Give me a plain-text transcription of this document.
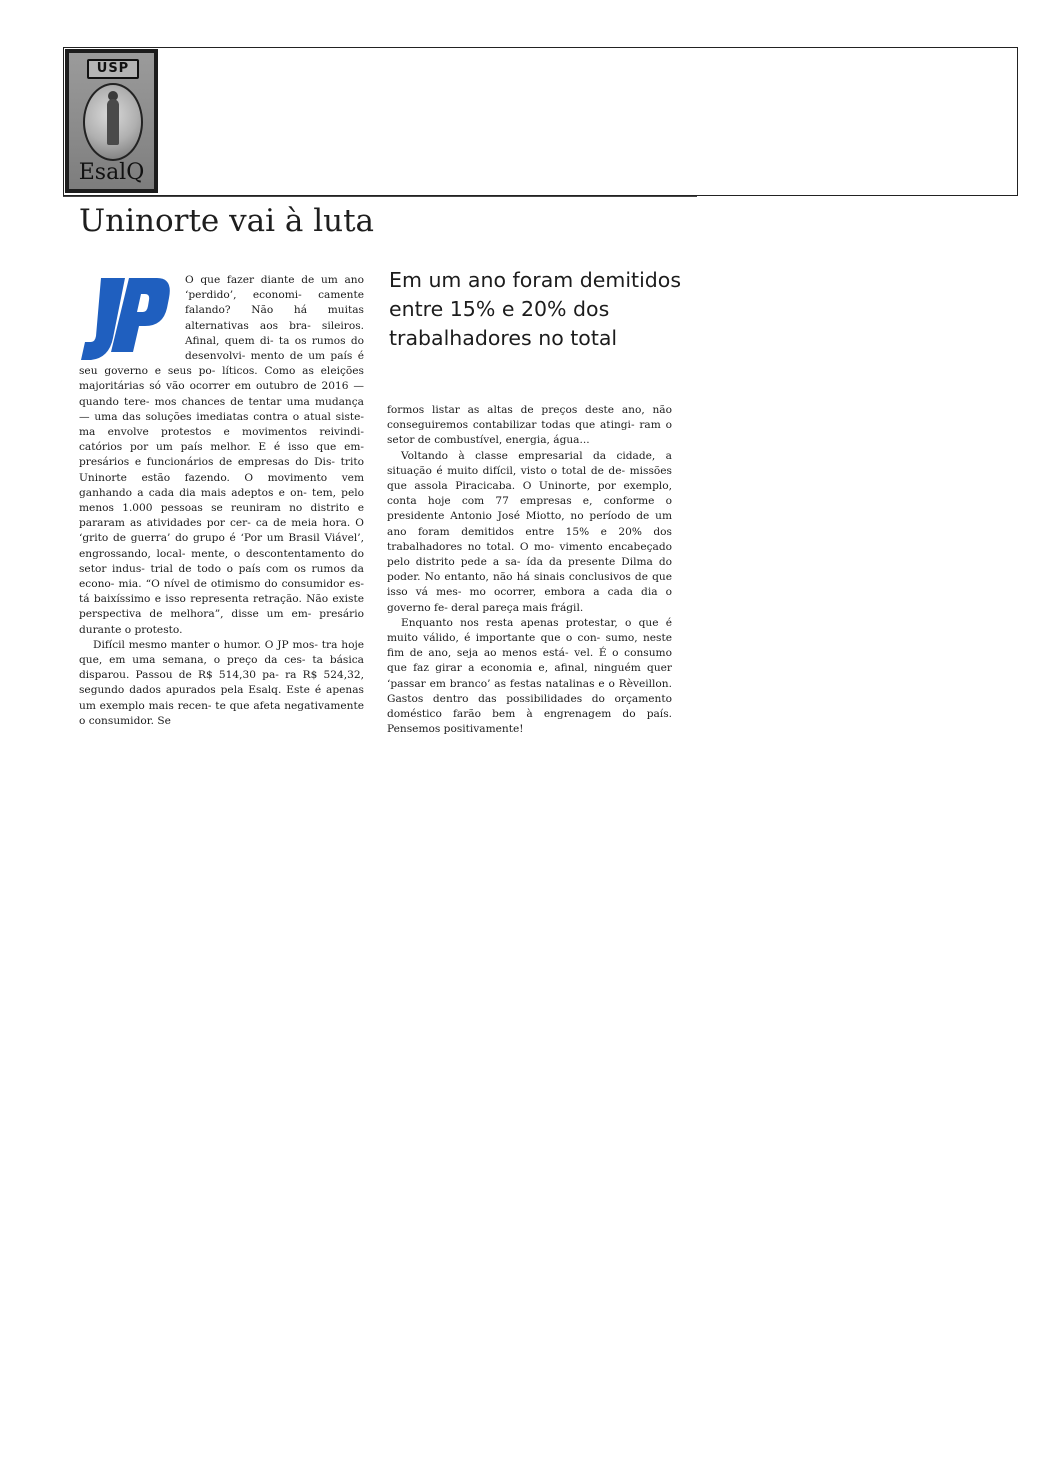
USP
EsalQ
Uninorte vai à luta
Em um ano foram demitidos entre 15% e 20% dos trabalhadores no total

O que fazer diante de um ano ‘perdido’, economi- camente falando? Não há muitas alternativas aos bra- sileiros. Afinal, quem di- ta os rumos do desenvolvi- mento de um país é seu governo e seus po- líticos. Como as eleições majoritárias só vão ocorrer em outubro de 2016 — quando tere- mos chances de tentar uma mudança — uma das soluções imediatas contra o atual siste- ma envolve protestos e movimentos reivindi- catórios por um país melhor. E é isso que em- presários e funcionários de empresas do Dis- trito Uninorte estão fazendo. O movimento vem ganhando a cada dia mais adeptos e on- tem, pelo menos 1.000 pessoas se reuniram no distrito e pararam as atividades por cer- ca de meia hora. O ‘grito de guerra’ do grupo é ‘Por um Brasil Viável’, engrossando, local- mente, o descontentamento do setor indus- trial de todo o país com os rumos da econo- mia. “O nível de otimismo do consumidor es- tá baixíssimo e isso representa retração. Não existe perspectiva de melhora”, disse um em- presário durante o protesto.

Difícil mesmo manter o humor. O JP mos- tra hoje que, em uma semana, o preço da ces- ta básica disparou. Passou de R$ 514,30 pa- ra R$ 524,32, segundo dados apurados pela Esalq. Este é apenas um exemplo mais recen- te que afeta negativamente o consumidor. Se

formos listar as altas de preços deste ano, não conseguiremos contabilizar todas que atingi- ram o setor de combustível, energia, água...

Voltando à classe empresarial da cidade, a situação é muito difícil, visto o total de de- missões que assola Piracicaba. O Uninorte, por exemplo, conta hoje com 77 empresas e, conforme o presidente Antonio José Miotto, no período de um ano foram demitidos entre 15% e 20% dos trabalhadores no total. O mo- vimento encabeçado pelo distrito pede a sa- ída da presente Dilma do poder. No entanto, não há sinais conclusivos de que isso vá mes- mo ocorrer, embora a cada dia o governo fe- deral pareça mais frágil.

Enquanto nos resta apenas protestar, o que é muito válido, é importante que o con- sumo, neste fim de ano, seja ao menos está- vel. É o consumo que faz girar a economia e, afinal, ninguém quer ‘passar em branco’ as festas natalinas e o Rèveillon. Gastos dentro das possibilidades do orçamento doméstico farão bem à engrenagem do país. Pensemos positivamente!
